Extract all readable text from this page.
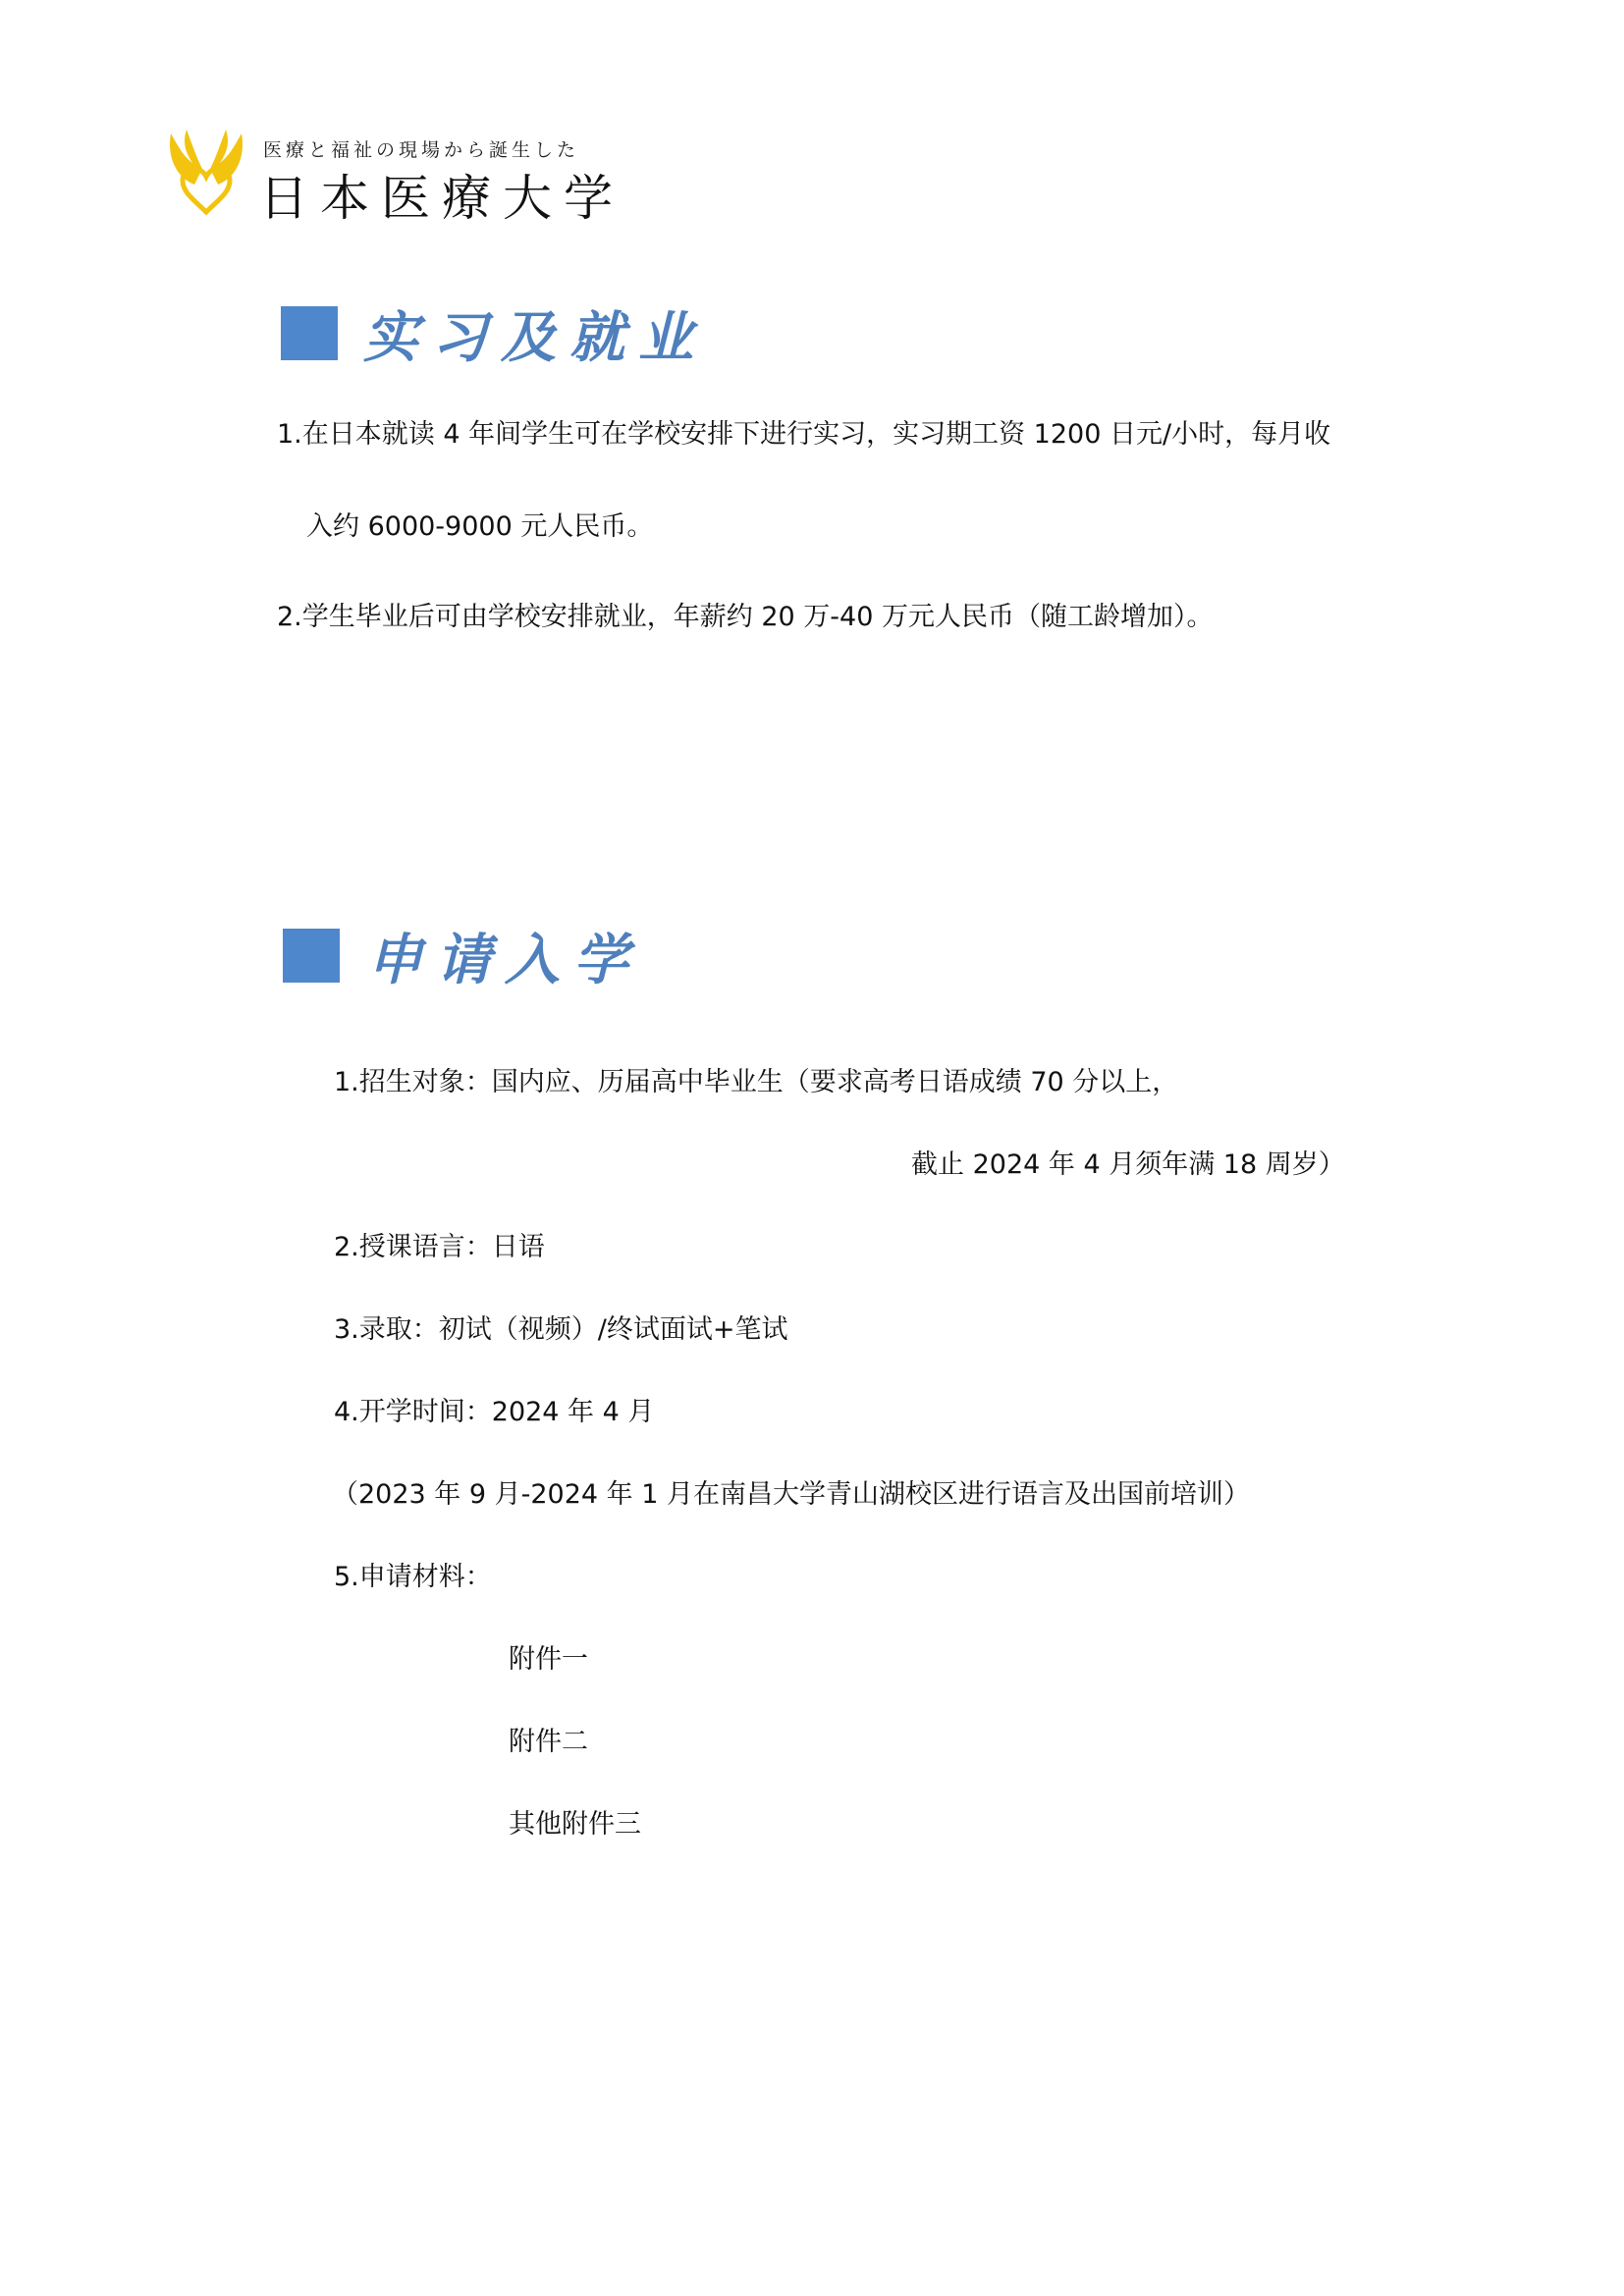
医療と福祉の現場から誕生した
日本医療大学
实习及就业
1.在日本就读 4 年间学生可在学校安排下进行实习，实习期工资 1200 日元/小时，每月收
入约 6000-9000 元人民币。
2.学生毕业后可由学校安排就业，年薪约 20 万-40 万元人民币（随工龄增加）。
申请入学
1.招生对象：国内应、历届高中毕业生（要求高考日语成绩 70 分以上，
截止 2024 年 4 月须年满 18 周岁）
2.授课语言：日语
3.录取：初试（视频）/终试面试+笔试
4.开学时间：2024 年 4 月
（2023 年 9 月-2024 年 1 月在南昌大学青山湖校区进行语言及出国前培训）
5.申请材料：
附件一
附件二
其他附件三
